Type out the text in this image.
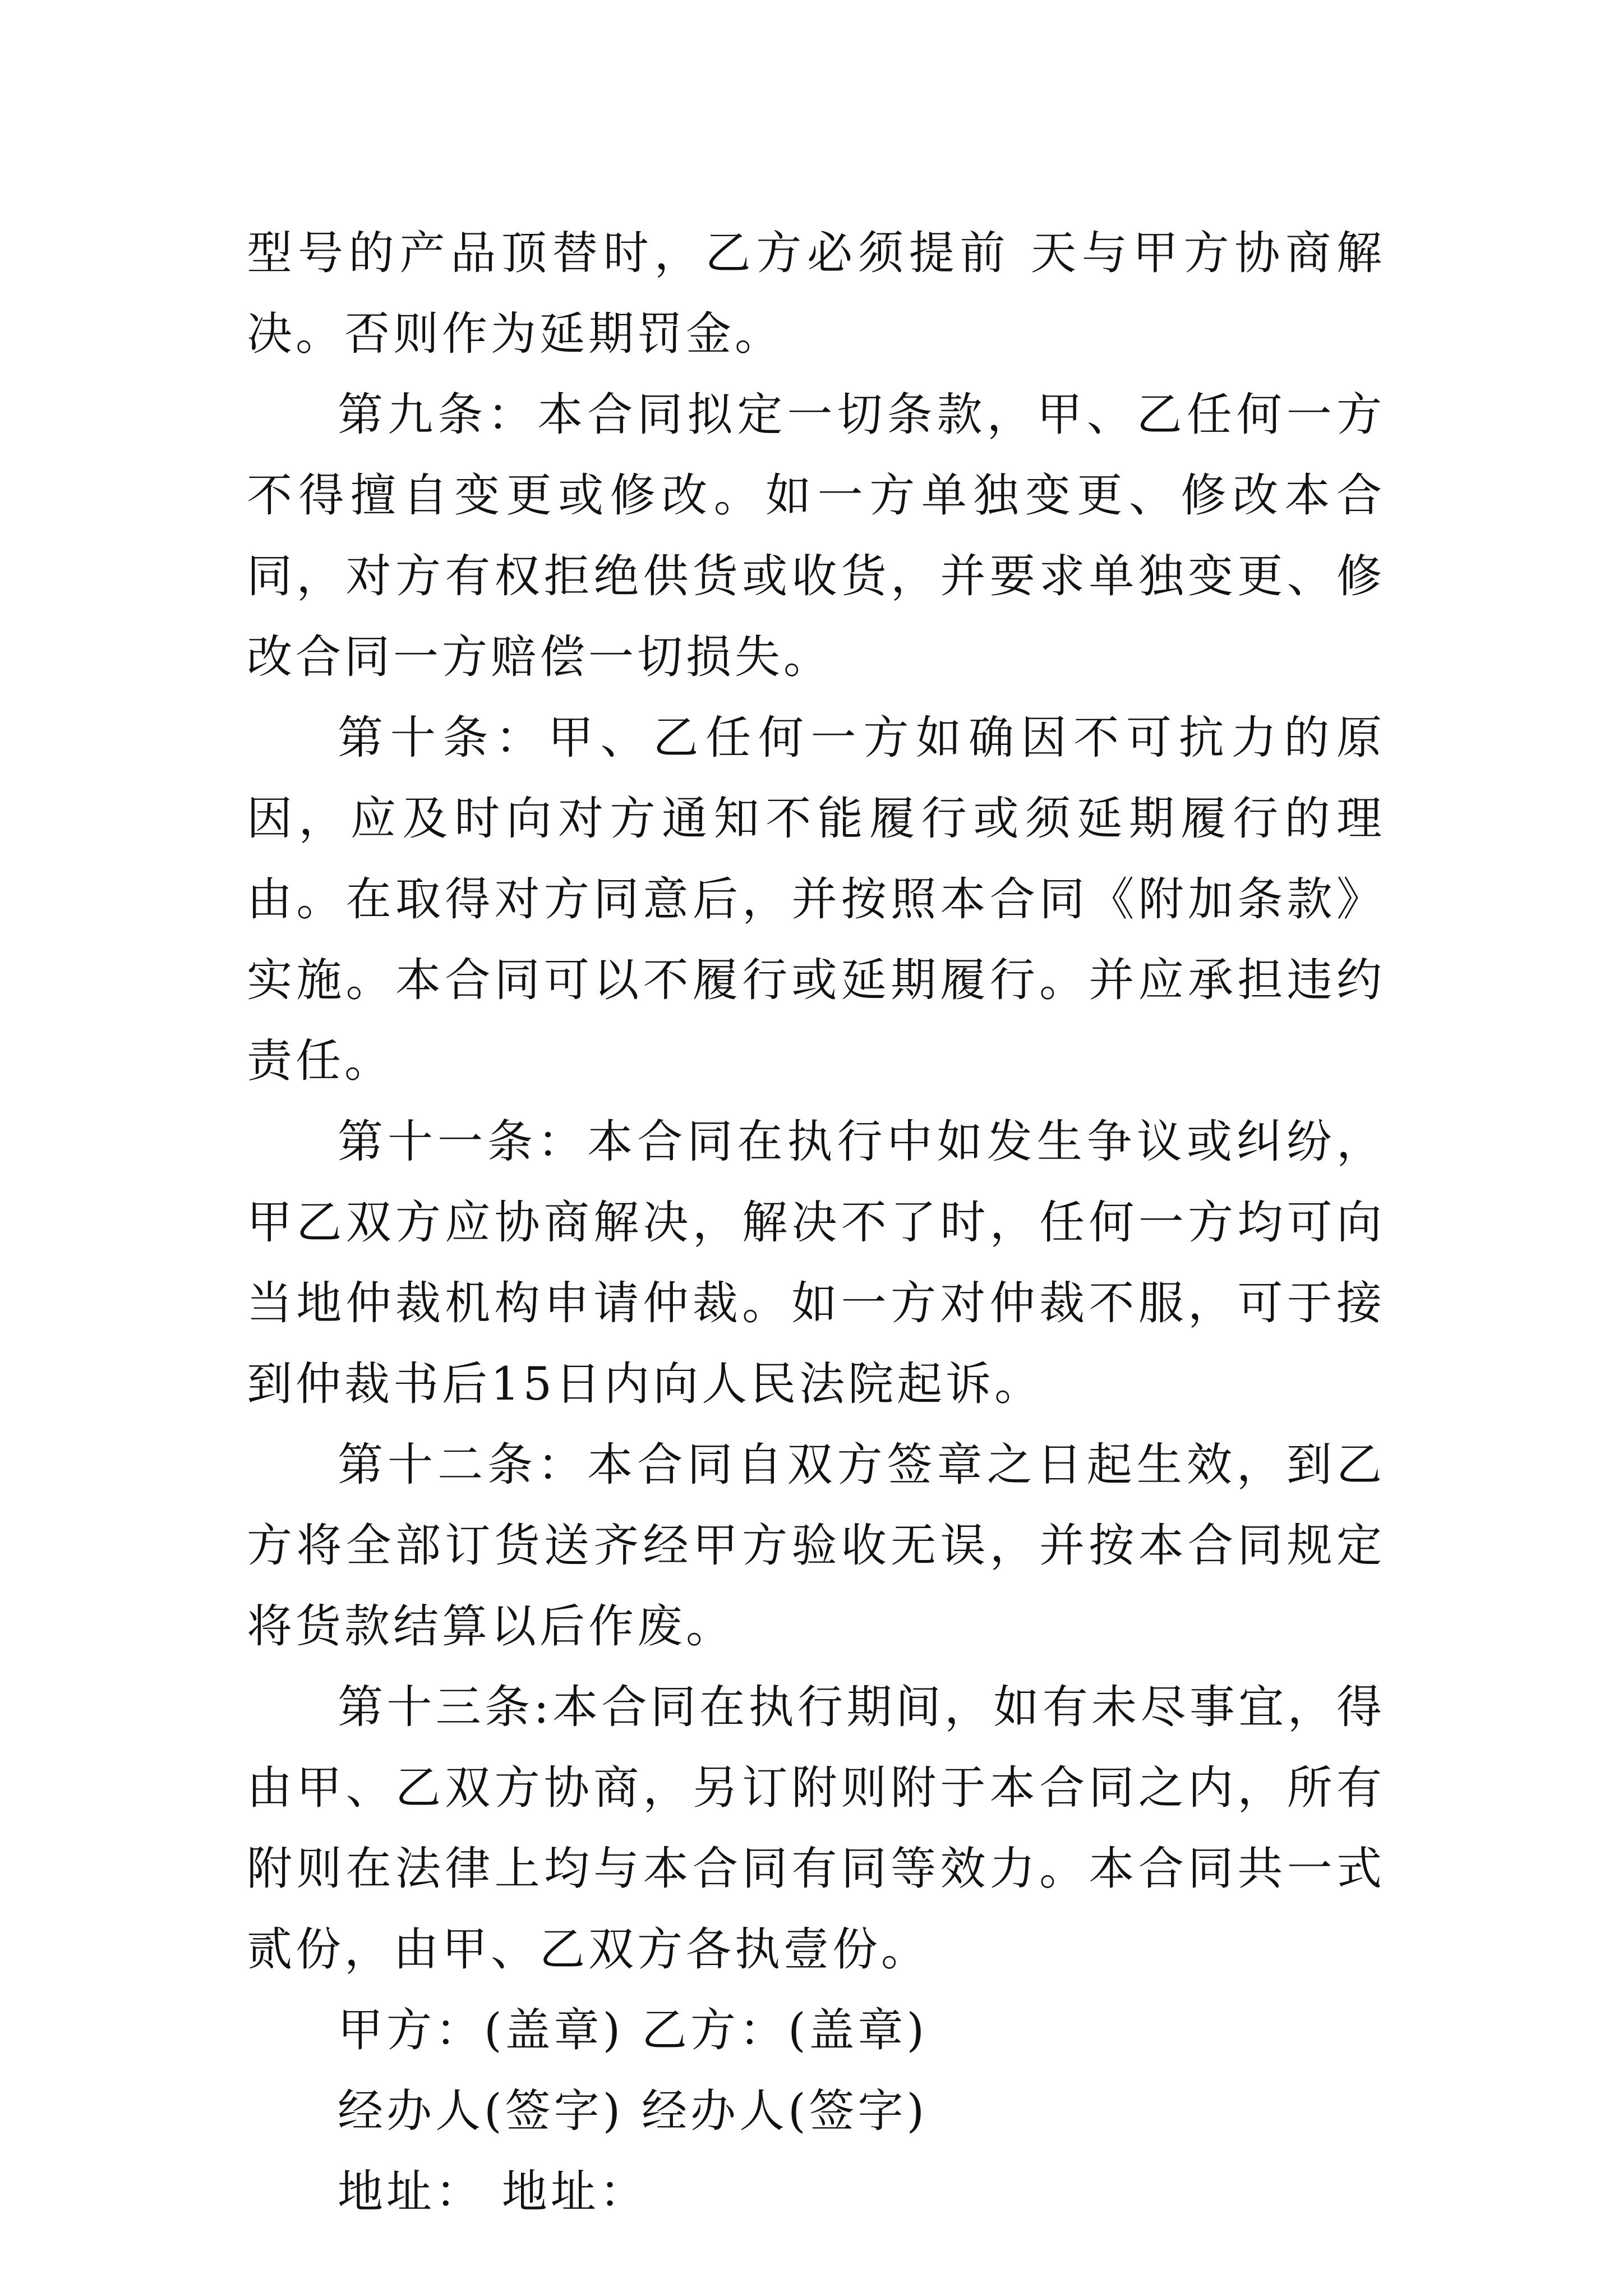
型号的产品顶替时，乙方必须提前 天与甲方协商解决。否则作为延期罚金。

第九条：本合同拟定一切条款，甲、乙任何一方不得擅自变更或修改。如一方单独变更、修改本合同，对方有权拒绝供货或收货，并要求单独变更、修改合同一方赔偿一切损失。

第十条：甲、乙任何一方如确因不可抗力的原因，应及时向对方通知不能履行或须延期履行的理由。在取得对方同意后，并按照本合同《附加条款》实施。本合同可以不履行或延期履行。并应承担违约责任。

第十一条：本合同在执行中如发生争议或纠纷，甲乙双方应协商解决，解决不了时，任何一方均可向当地仲裁机构申请仲裁。如一方对仲裁不服，可于接到仲裁书后15日内向人民法院起诉。

第十二条：本合同自双方签章之日起生效，到乙方将全部订货送齐经甲方验收无误，并按本合同规定将货款结算以后作废。

第十三条:本合同在执行期间，如有未尽事宜，得由甲、乙双方协商，另订附则附于本合同之内，所有附则在法律上均与本合同有同等效力。本合同共一式贰份，由甲、乙双方各执壹份。

甲方：(盖章) 乙方：(盖章)

经办人(签字) 经办人(签字)

地址： 地址：
